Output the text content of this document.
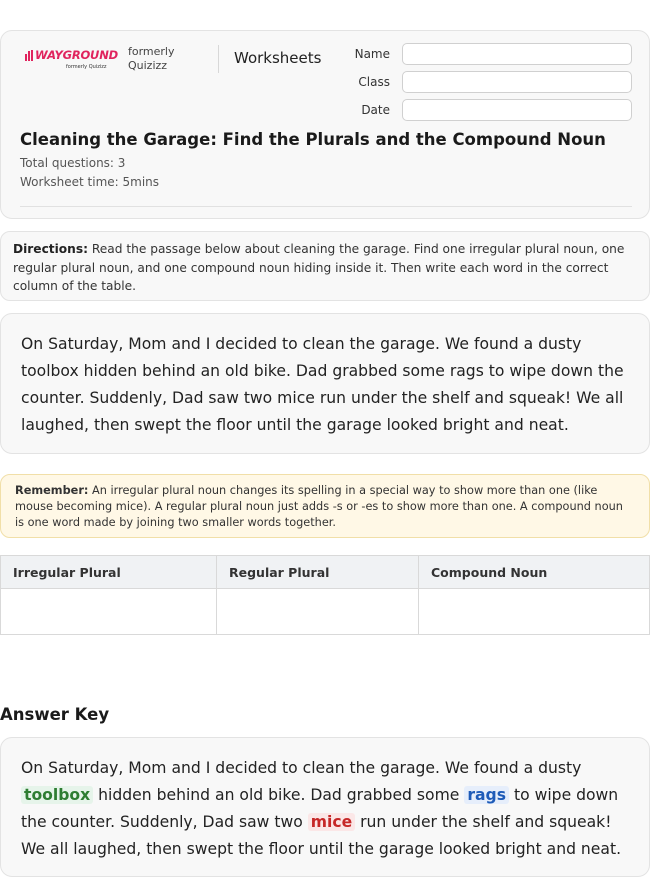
WAYGROUND
formerly Quizizz
formerly
Quizizz	Worksheets	Name
Class
Date
Cleaning the Garage: Find the Plurals and the Compound Noun
Total questions: 3
Worksheet time: 5mins
Directions: Read the passage below about cleaning the garage. Find one irregular plural noun, one regular plural noun, and one compound noun hiding inside it. Then write each word in the correct column of the table.
On Saturday, Mom and I decided to clean the garage. We found a dusty toolbox hidden behind an old bike. Dad grabbed some rags to wipe down the counter. Suddenly, Dad saw two mice run under the shelf and squeak! We all laughed, then swept the floor until the garage looked bright and neat.
Remember: An irregular plural noun changes its spelling in a special way to show more than one (like mouse becoming mice). A regular plural noun just adds -s or -es to show more than one. A compound noun is one word made by joining two smaller words together.
Irregular Plural	Regular Plural	Compound Noun

Answer Key
On Saturday, Mom and I decided to clean the garage. We found a dusty toolbox hidden behind an old bike. Dad grabbed some rags to wipe down the counter. Suddenly, Dad saw two mice run under the shelf and squeak! We all laughed, then swept the floor until the garage looked bright and neat.
